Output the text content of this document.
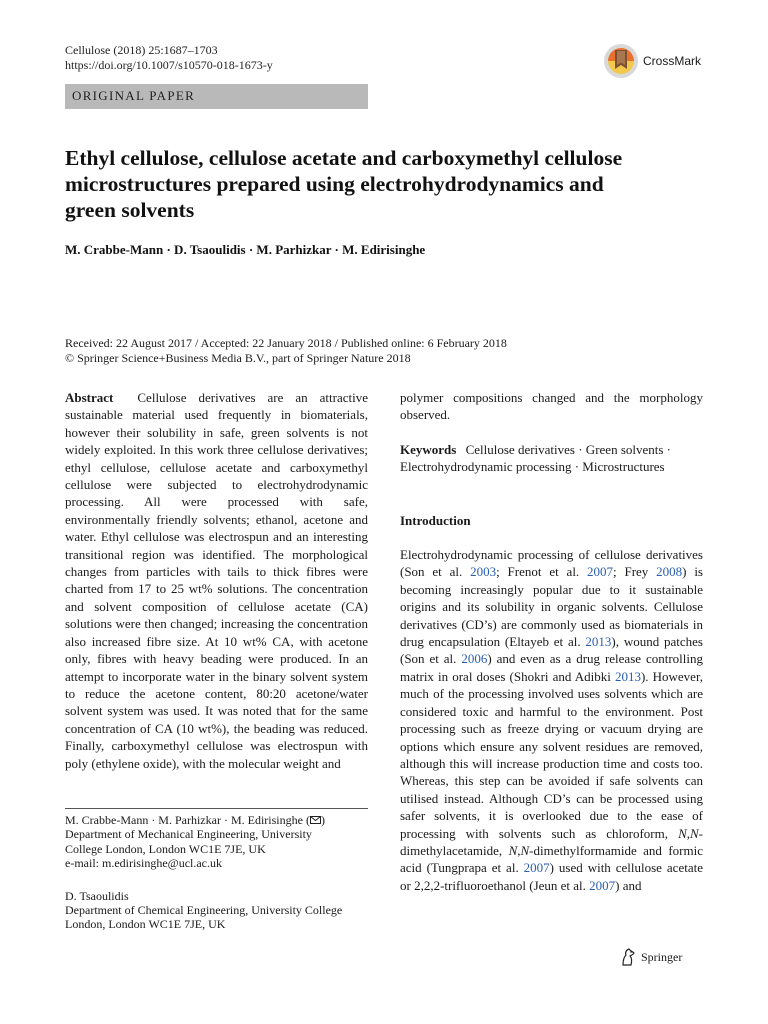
Cellulose (2018) 25:1687–1703
https://doi.org/10.1007/s10570-018-1673-y	CrossMark
ORIGINAL PAPER
Ethyl cellulose, cellulose acetate and carboxymethyl cellulose microstructures prepared using electrohydrodynamics and green solvents
M. Crabbe-Mann · D. Tsaoulidis · M. Parhizkar · M. Edirisinghe
Received: 22 August 2017 / Accepted: 22 January 2018 / Published online: 6 February 2018
© Springer Science+Business Media B.V., part of Springer Nature 2018

Abstract Cellulose derivatives are an attractive sustainable material used frequently in biomaterials, however their solubility in safe, green solvents is not widely exploited. In this work three cellulose derivatives; ethyl cellulose, cellulose acetate and carboxymethyl cellulose were subjected to electrohydrodynamic processing. All were processed with safe, environmentally friendly solvents; ethanol, acetone and water. Ethyl cellulose was electrospun and an interesting transitional region was identified. The morphological changes from particles with tails to thick fibres were charted from 17 to 25 wt% solutions. The concentration and solvent composition of cellulose acetate (CA) solutions were then changed; increasing the concentration also increased fibre size. At 10 wt% CA, with acetone only, fibres with heavy beading were produced. In an attempt to incorporate water in the binary solvent system to reduce the acetone content, 80:20 acetone/water solvent system was used. It was noted that for the same concentration of CA (10 wt%), the beading was reduced. Finally, carboxymethyl cellulose was electrospun with poly (ethylene oxide), with the molecular weight and

polymer compositions changed and the morphology observed.

Keywords Cellulose derivatives · Green solvents ·
Electrohydrodynamic processing · Microstructures

Introduction

Electrohydrodynamic processing of cellulose derivatives (Son et al. 2003; Frenot et al. 2007; Frey 2008) is becoming increasingly popular due to it sustainable origins and its solubility in organic solvents. Cellulose derivatives (CD’s) are commonly used as biomaterials in drug encapsulation (Eltayeb et al. 2013), wound patches (Son et al. 2006) and even as a drug release controlling matrix in oral doses (Shokri and Adibki 2013). However, much of the processing involved uses solvents which are considered toxic and harmful to the environment. Post processing such as freeze drying or vacuum drying are options which ensure any solvent residues are removed, although this will increase production time and costs too. Whereas, this step can be avoided if safe solvents can utilised instead. Although CD’s can be processed using safer solvents, it is overlooked due to the ease of processing with solvents such as chloroform, N,N-dimethylacetamide, N,N-dimethylformamide and formic acid (Tungprapa et al. 2007) used with cellulose acetate or 2,2,2-trifluoroethanol (Jeun et al. 2007) and

M. Crabbe-Mann · M. Parhizkar · M. Edirisinghe ( )

Department of Mechanical Engineering, University

College London, London WC1E 7JE, UK

e-mail: m.edirisinghe@ucl.ac.uk

D. Tsaoulidis

Department of Chemical Engineering, University College

London, London WC1E 7JE, UK

Springer
